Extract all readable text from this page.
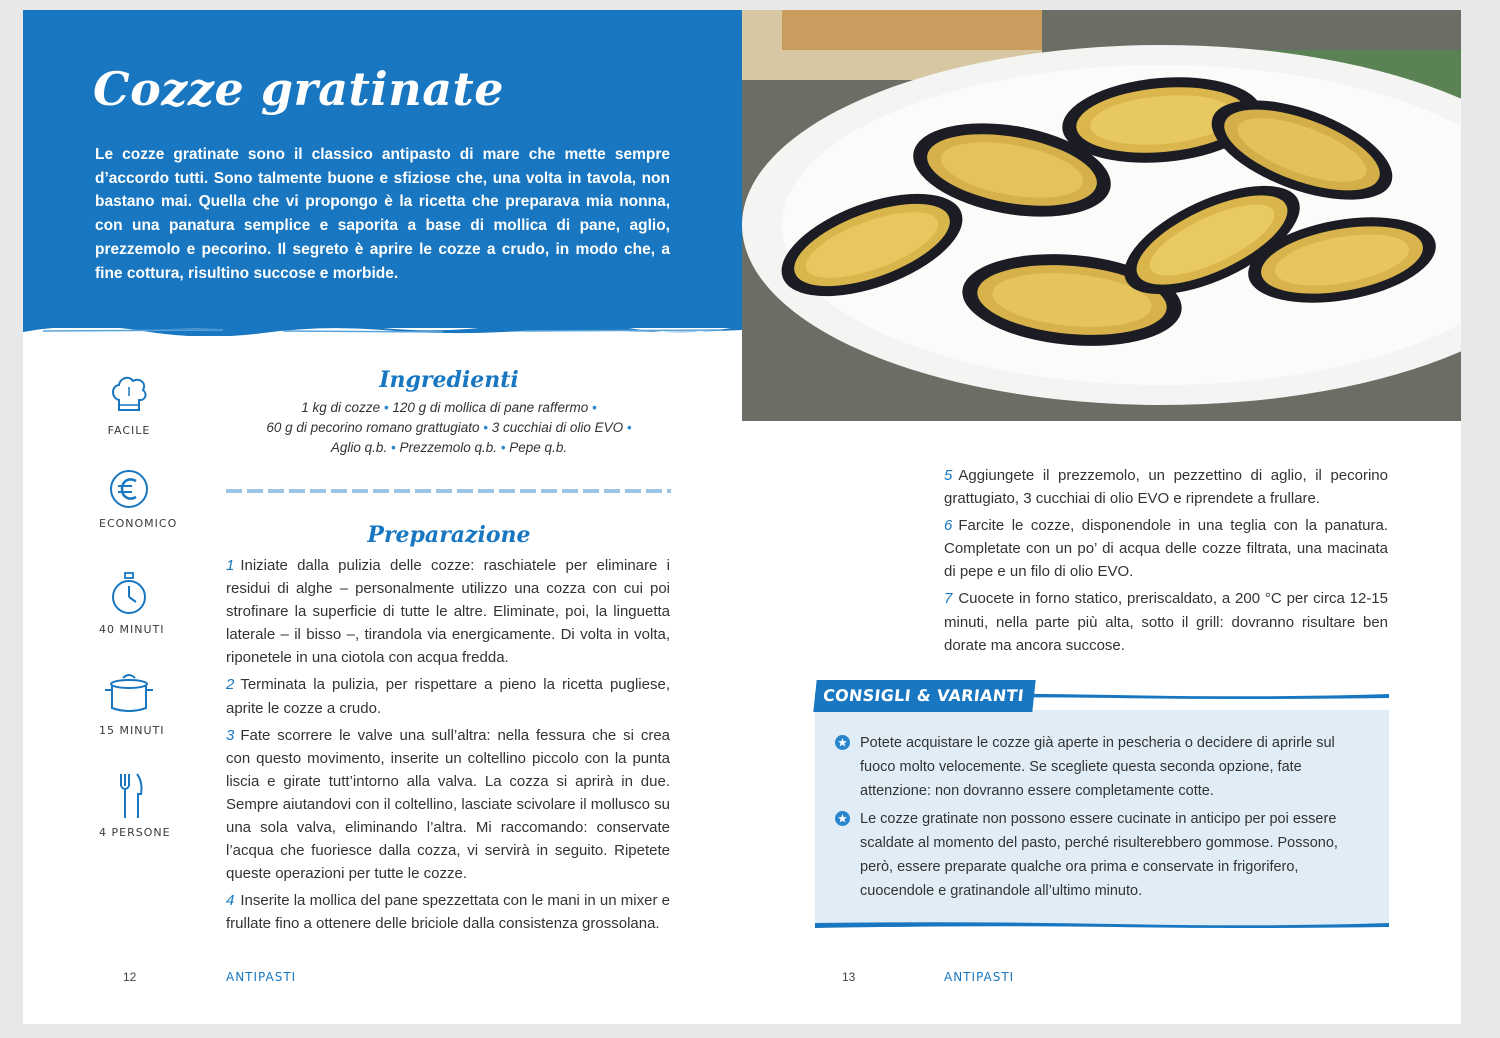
Cozze gratinate

Le cozze gratinate sono il classico antipasto di mare che mette sempre d’accordo tutti. Sono talmente buone e sfiziose che, una volta in tavola, non bastano mai. Quella che vi propongo è la ricetta che preparava mia nonna, con una panatura semplice e saporita a base di mollica di pane, aglio, prezzemolo e pecorino. Il segreto è aprire le cozze a crudo, in modo che, a fine cottura, risultino succose e morbide.

FACILE
ECONOMICO
40 MINUTI
15 MINUTI
4 PERSONE
Ingredienti

1 kg di cozze • 120 g di mollica di pane raffermo •
60 g di pecorino romano grattugiato • 3 cucchiai di olio EVO •
Aglio q.b. • Prezzemolo q.b. • Pepe q.b.

Preparazione

1 Iniziate dalla pulizia delle cozze: raschiatele per eliminare i residui di alghe – personalmente utilizzo una cozza con cui poi strofinare la superficie di tutte le altre. Eliminate, poi, la linguetta laterale – il bisso –, tirandola via energicamente. Di volta in volta, riponetele in una ciotola con acqua fredda.

2 Terminata la pulizia, per rispettare a pieno la ricetta pugliese, aprite le cozze a crudo.

3 Fate scorrere le valve una sull’altra: nella fessura che si crea con questo movimento, inserite un coltellino piccolo con la punta liscia e girate tutt’intorno alla valva. La cozza si aprirà in due. Sempre aiutandovi con il coltellino, lasciate scivolare il mollusco su una sola valva, eliminando l’altra. Mi raccomando: conservate l’acqua che fuoriesce dalla cozza, vi servirà in seguito. Ripetete queste operazioni per tutte le cozze.

4 Inserite la mollica del pane spezzettata con le mani in un mixer e frullate fino a ottenere delle briciole dalla consistenza grossolana.

5 Aggiungete il prezzemolo, un pezzettino di aglio, il pecorino grattugiato, 3 cucchiai di olio EVO e riprendete a frullare.

6 Farcite le cozze, disponendole in una teglia con la panatura. Completate con un po’ di acqua delle cozze filtrata, una macinata di pepe e un filo di olio EVO.

7 Cuocete in forno statico, preriscaldato, a 200 °C per circa 12-15 minuti, nella parte più alta, sotto il grill: dovranno risultare ben dorate ma ancora succose.

CONSIGLI & VARIANTI
Potete acquistare le cozze già aperte in pescheria o decidere di aprirle sul fuoco molto velocemente. Se scegliete questa seconda opzione, fate attenzione: non dovranno essere completamente cotte.
Le cozze gratinate non possono essere cucinate in anticipo per poi essere scaldate al momento del pasto, perché risulterebbero gommose. Possono, però, essere preparate qualche ora prima e conservate in frigorifero, cuocendole e gratinandole all’ultimo minuto.
12	ANTIPASTI	13	ANTIPASTI
